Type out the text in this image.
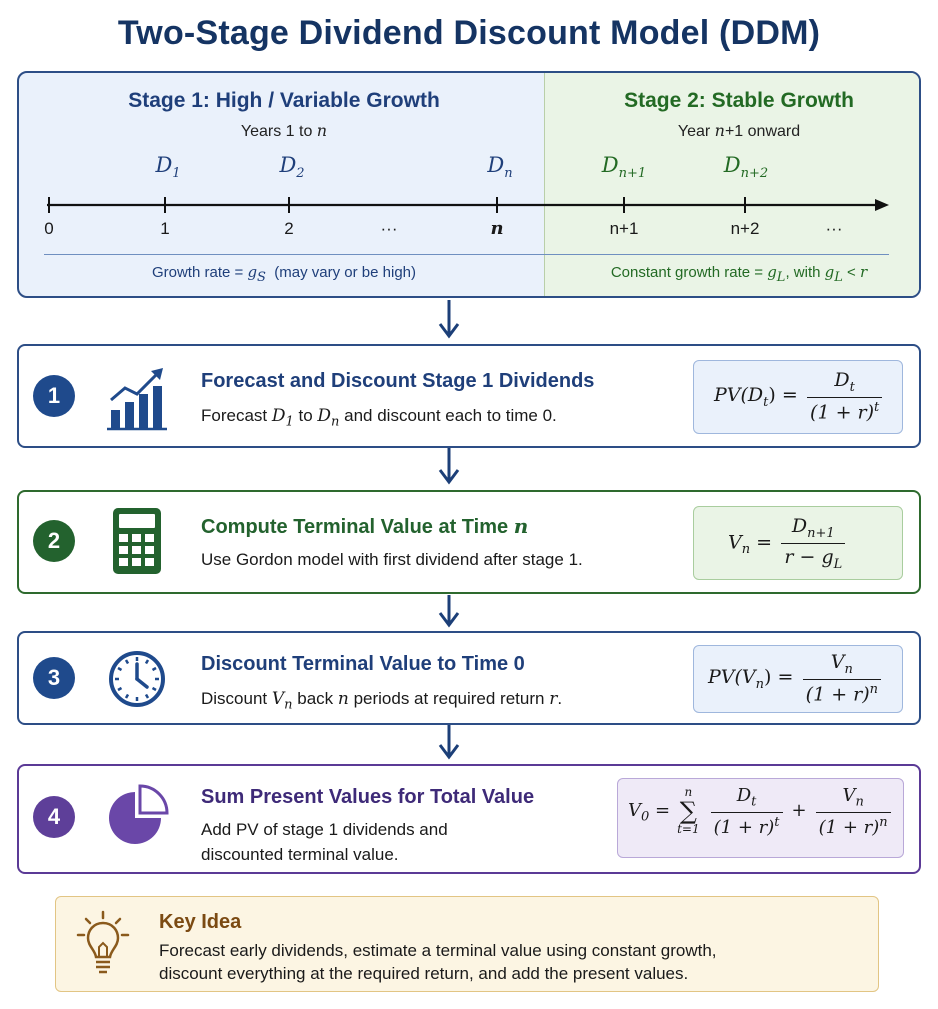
Two-Stage Dividend Discount Model (DDM)
Stage 1: High / Variable Growth
Years 1 to n
Stage 2: Stable Growth
Year n+1 onward
$D_1$	$D_2$	$D_n$	$D_{n+1}$	$D_{n+2}$
0	1	2	···	n	n+1	n+2	···
Growth rate = $g_S$  (may vary or be high)	Constant growth rate = $g_L$, with $g_L < r$
1
Forecast and Discount Stage 1 Dividends
Forecast $D_1$ to $D_n$ and discount each to time 0.
$PV(D_t) = \frac{D_t}{(1 + r)^t}$
2
Compute Terminal Value at Time n
Use Gordon model with first dividend after stage 1.
$V_n = \frac{D_{n+1}}{r - g_L}$
3
Discount Terminal Value to Time 0
Discount $V_n$ back n periods at required return r.
$PV(V_n) = \frac{V_n}{(1 + r)^n}$
4
Sum Present Values for Total Value
Add PV of stage 1 dividends and
discounted terminal value.
$V_0$ =
n
∑
t=1
$\frac{D_t}{(1 + r)^t} + \frac{V_n}{(1 + r)^n}$
Key Idea
Forecast early dividends, estimate a terminal value using constant growth,
discount everything at the required return, and add the present values.
